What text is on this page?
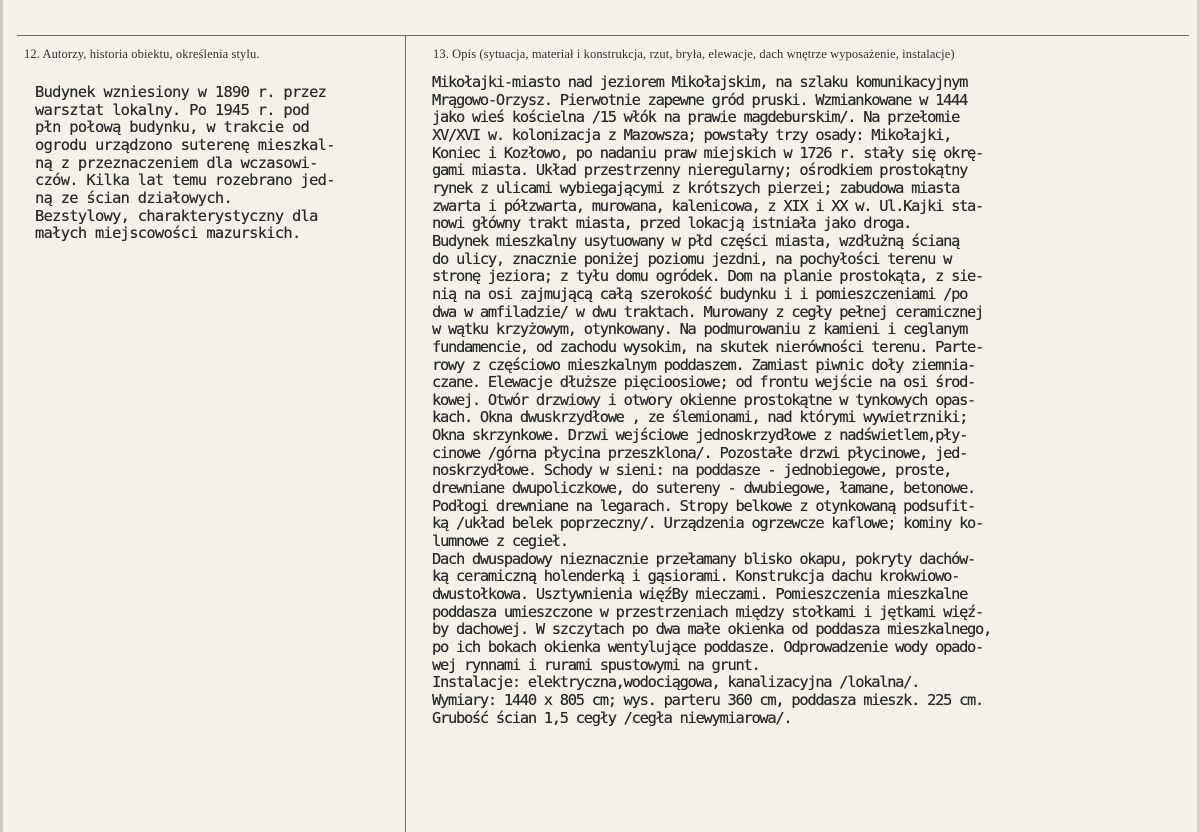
12. Autorzy, historia obiektu, określenia stylu.	13. Opis (sytuacja, materiał i konstrukcja, rzut, bryła, elewacje, dach wnętrze wyposażenie, instalacje)
Budynek wzniesiony w 1890 r. przez
warsztat lokalny. Po 1945 r. pod
płn połową budynku, w trakcie od
ogrodu urządzono suterenę mieszkal-
ną z przeznaczeniem dla wczasowi-
czów. Kilka lat temu rozebrano jed-
ną ze ścian działowych.
Bezstylowy, charakterystyczny dla
małych miejscowości mazurskich.
Mikołajki-miasto nad jeziorem Mikołajskim, na szlaku komunikacyjnym
Mrągowo-Orzysz. Pierwotnie zapewne gród pruski. Wzmiankowane w 1444
jako wieś kościelna /15 włók na prawie magdeburskim/. Na przełomie
XV/XVI w. kolonizacja z Mazowsza; powstały trzy osady: Mikołajki,
Koniec i Kozłowo, po nadaniu praw miejskich w 1726 r. stały się okrę-
gami miasta. Układ przestrzenny nieregularny; ośrodkiem prostokątny
rynek z ulicami wybiegającymi z krótszych pierzei; zabudowa miasta
zwarta i półzwarta, murowana, kalenicowa, z XIX i XX w. Ul.Kajki sta-
nowi główny trakt miasta, przed lokacją istniała jako droga.
Budynek mieszkalny usytuowany w płd części miasta, wzdłużną ścianą
do ulicy, znacznie poniżej poziomu jezdni, na pochyłości terenu w
stronę jeziora; z tyłu domu ogródek. Dom na planie prostokąta, z sie-
nią na osi zajmującą całą szerokość budynku i i pomieszczeniami /po
dwa w amfiladzie/ w dwu traktach. Murowany z cegły pełnej ceramicznej
w wątku krzyżowym, otynkowany. Na podmurowaniu z kamieni i ceglanym
fundamencie, od zachodu wysokim, na skutek nierówności terenu. Parte-
rowy z częściowo mieszkalnym poddaszem. Zamiast piwnic doły ziemnia-
czane. Elewacje dłuższe pięcioosiowe; od frontu wejście na osi środ-
kowej. Otwór drzwiowy i otwory okienne prostokątne w tynkowych opas-
kach. Okna dwuskrzydłowe , ze ślemionami, nad którymi wywietrzniki;
Okna skrzynkowe. Drzwi wejściowe jednoskrzydłowe z nadświetlem,pły-
cinowe /górna płycina przeszklona/. Pozostałe drzwi płycinowe, jed-
noskrzydłowe. Schody w sieni: na poddasze - jednobiegowe, proste,
drewniane dwupoliczkowe, do sutereny - dwubiegowe, łamane, betonowe.
Podłogi drewniane na legarach. Stropy belkowe z otynkowaną podsufit-
ką /układ belek poprzeczny/. Urządzenia ogrzewcze kaflowe; kominy ko-
lumnowe z cegieł.
Dach dwuspadowy nieznacznie przełamany blisko okapu, pokryty dachów-
ką ceramiczną holenderką i gąsiorami. Konstrukcja dachu krokwiowo-
dwustołkowa. Usztywnienia więźBy mieczami. Pomieszczenia mieszkalne
poddasza umieszczone w przestrzeniach między stołkami i jętkami więź-
by dachowej. W szczytach po dwa małe okienka od poddasza mieszkalnego,
po ich bokach okienka wentylujące poddasze. Odprowadzenie wody opado-
wej rynnami i rurami spustowymi na grunt.
Instalacje: elektryczna,wodociągowa, kanalizacyjna /lokalna/.
Wymiary: 1440 x 805 cm; wys. parteru 360 cm, poddasza mieszk. 225 cm.
Grubość ścian 1,5 cegły /cegła niewymiarowa/.
